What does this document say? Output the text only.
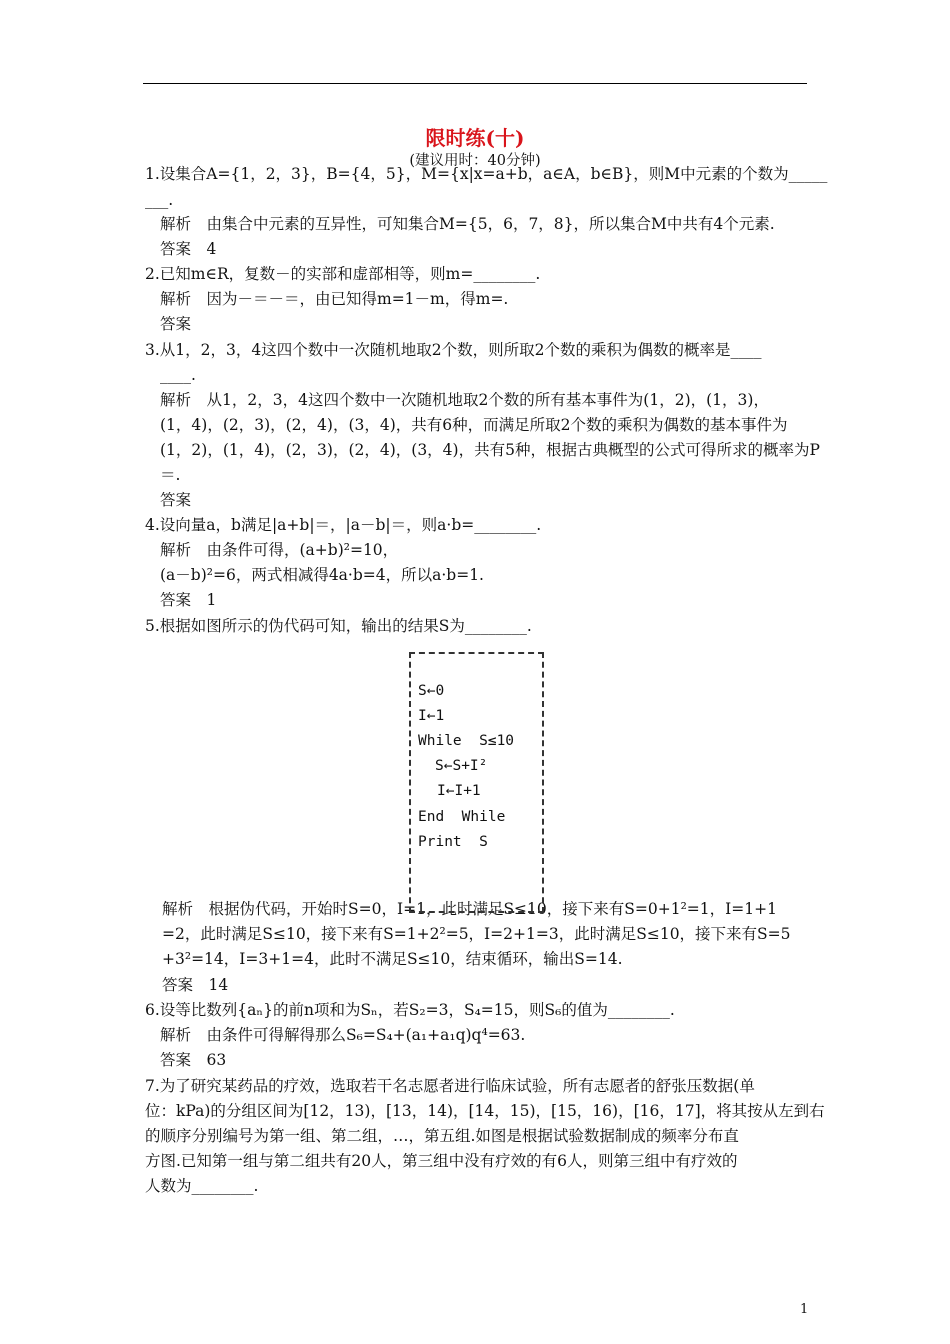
限时练(十)
(建议用时：40分钟)
1.设集合A={1，2，3}，B={4，5}，M={x|x=a+b，a∈A，b∈B}，则M中元素的个数为_____
___.
解析　由集合中元素的互异性，可知集合M={5，6，7，8}，所以集合M中共有4个元素.
答案　4
2.已知m∈R，复数－的实部和虚部相等，则m=________.
解析　因为－＝－＝，由已知得m=1－m，得m=.
答案
3.从1，2，3，4这四个数中一次随机地取2个数，则所取2个数的乘积为偶数的概率是____
____.
解析　从1，2，3，4这四个数中一次随机地取2个数的所有基本事件为(1，2)，(1，3)，
(1，4)，(2，3)，(2，4)，(3，4)，共有6种，而满足所取2个数的乘积为偶数的基本事件为
(1，2)，(1，4)，(2，3)，(2，4)，(3，4)，共有5种，根据古典概型的公式可得所求的概率为P
＝.
答案
4.设向量a，b满足|a+b|＝，|a－b|＝，则a·b=________.
解析　由条件可得，(a+b)²=10，
(a－b)²=6，两式相减得4a·b=4，所以a·b=1.
答案　1
5.根据如图所示的伪代码可知，输出的结果S为________.
解析　根据伪代码，开始时S=0，I=1，此时满足S≤10，接下来有S=0+1²=1，I=1+1
=2，此时满足S≤10，接下来有S=1+2²=5，I=2+1=3，此时满足S≤10，接下来有S=5
+3²=14，I=3+1=4，此时不满足S≤10，结束循环，输出S=14.
答案　14
6.设等比数列{aₙ}的前n项和为Sₙ，若S₂=3，S₄=15，则S₆的值为________.
解析　由条件可得解得那么S₆=S₄+(a₁+a₁q)q⁴=63.
答案　63
7.为了研究某药品的疗效，选取若干名志愿者进行临床试验，所有志愿者的舒张压数据(单
位：kPa)的分组区间为[12，13)，[13，14)，[14，15)，[15，16)，[16，17]，将其按从左到右
的顺序分别编号为第一组、第二组，…，第五组.如图是根据试验数据制成的频率分布直
方图.已知第一组与第二组共有20人，第三组中没有疗效的有6人，则第三组中有疗效的
人数为________.
S←0
I←1
While  S≤10
S←S+I²
I←I+1
End  While
Print  S
1
